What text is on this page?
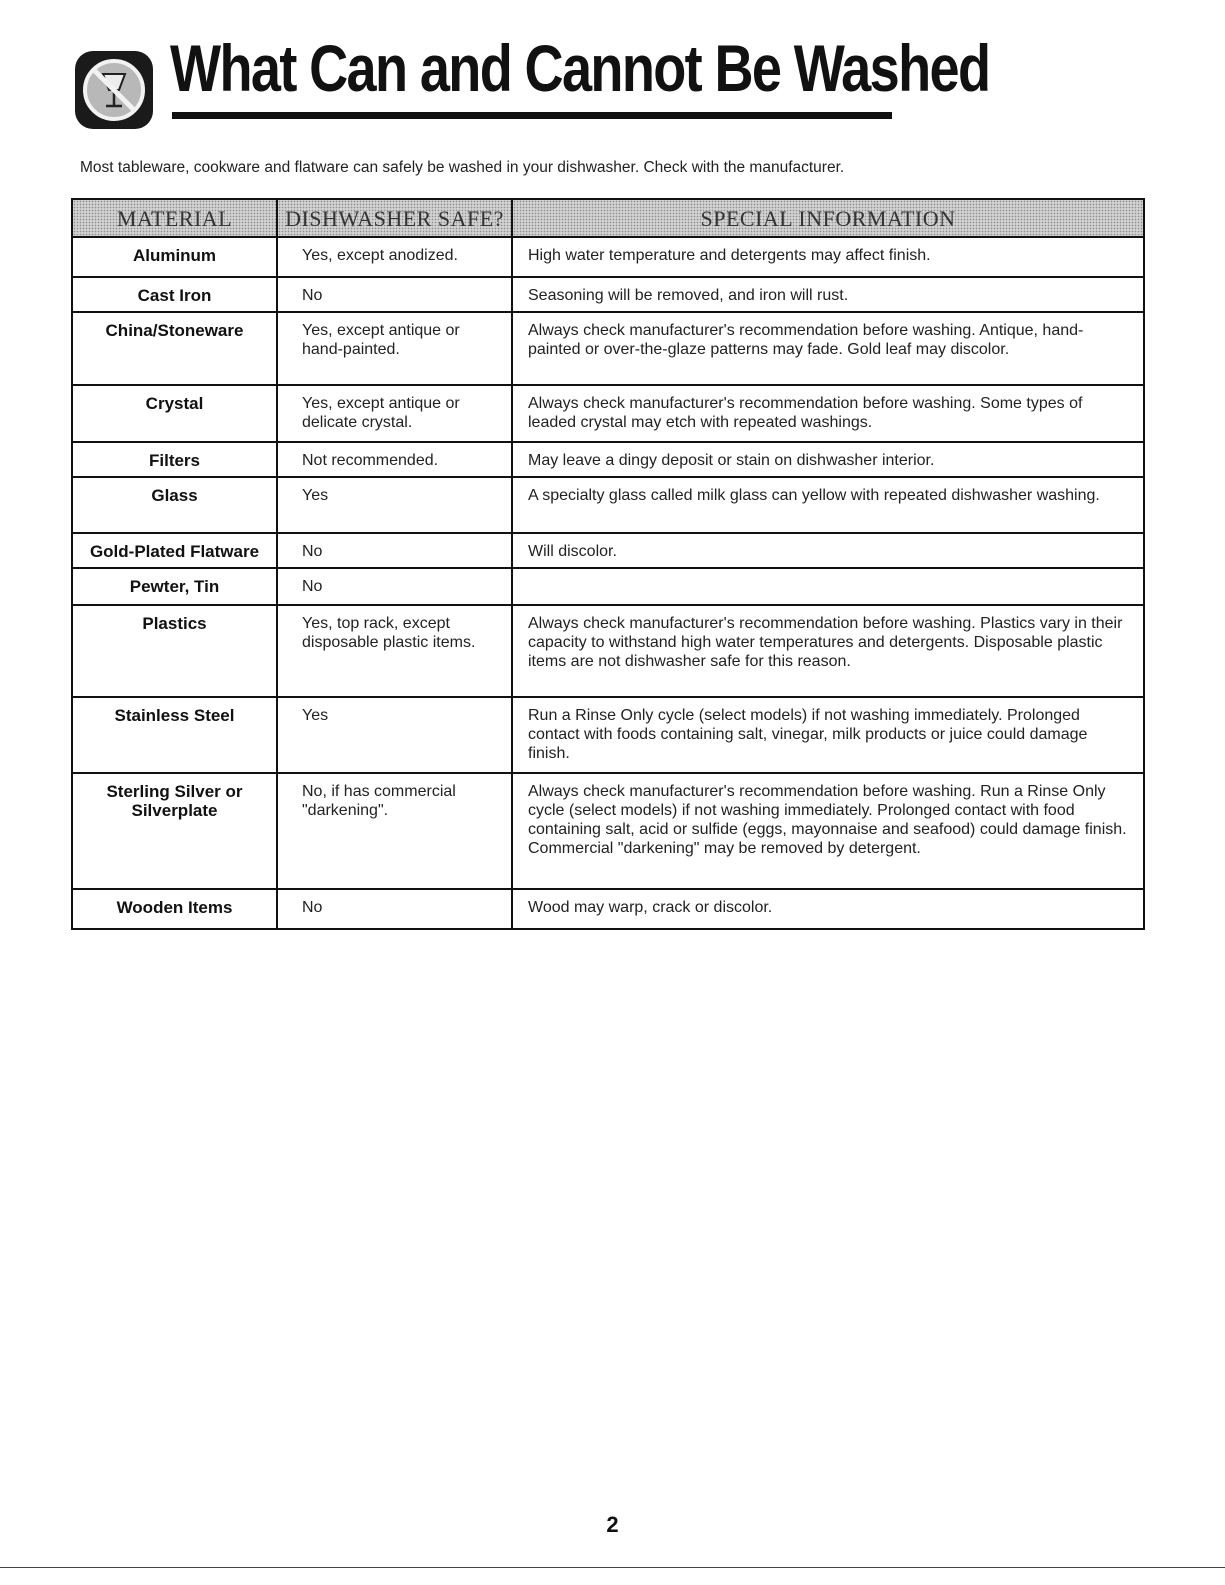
What Can and Cannot Be Washed

Most tableware, cookware and flatware can safely be washed in your dishwasher. Check with the manufacturer.

MATERIAL	DISHWASHER SAFE?	SPECIAL INFORMATION
Aluminum	Yes, except anodized.	High water temperature and detergents may affect finish.
Cast Iron	No	Seasoning will be removed, and iron will rust.
China/Stoneware	Yes, except antique or hand-painted.	Always check manufacturer's recommendation before washing. Antique, hand-painted or over-the-glaze patterns may fade. Gold leaf may discolor.
Crystal	Yes, except antique or delicate crystal.	Always check manufacturer's recommendation before washing. Some types of leaded crystal may etch with repeated washings.
Filters	Not recommended.	May leave a dingy deposit or stain on dishwasher interior.
Glass	Yes	A specialty glass called milk glass can yellow with repeated dishwasher washing.
Gold-Plated Flatware	No	Will discolor.
Pewter, Tin	No	
Plastics	Yes, top rack, except disposable plastic items.	Always check manufacturer's recommendation before washing. Plastics vary in their capacity to withstand high water temperatures and detergents. Disposable plastic items are not dishwasher safe for this reason.
Stainless Steel	Yes	Run a Rinse Only cycle (select models) if not washing immediately. Prolonged contact with foods containing salt, vinegar, milk products or juice could damage finish.
Sterling Silver or Silverplate	No, if has commercial "darkening".	Always check manufacturer's recommendation before washing. Run a Rinse Only cycle (select models) if not washing immediately. Prolonged contact with food containing salt, acid or sulfide (eggs, mayonnaise and seafood) could damage finish. Commercial "darkening" may be removed by detergent.
Wooden Items	No	Wood may warp, crack or discolor.
2
